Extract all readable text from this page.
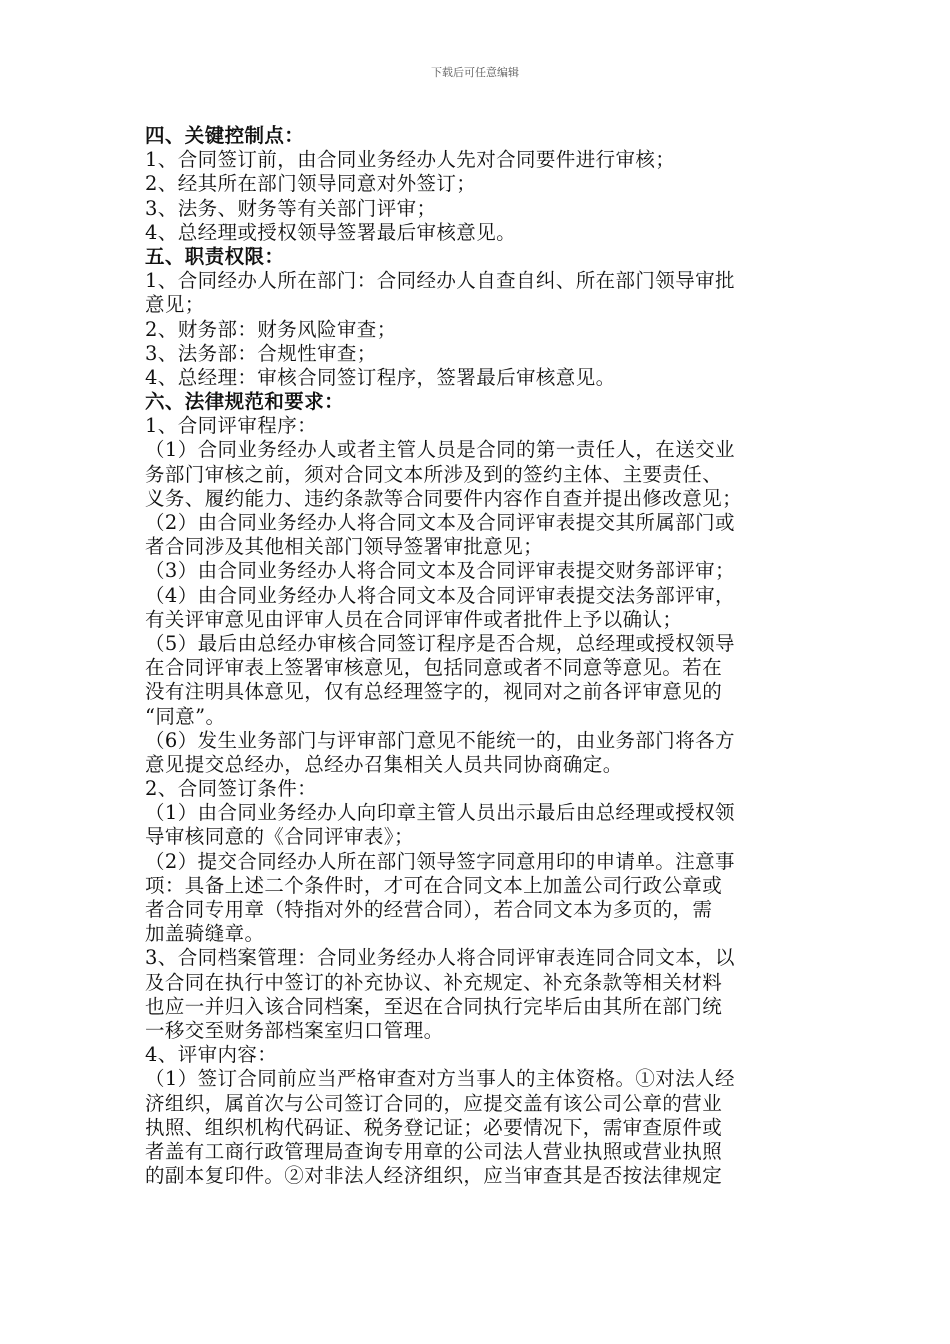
下载后可任意编辑
四、关键控制点：
1、合同签订前，由合同业务经办人先对合同要件进行审核；
2、经其所在部门领导同意对外签订；
3、法务、财务等有关部门评审；
4、总经理或授权领导签署最后审核意见。
五、职责权限：
1、合同经办人所在部门：合同经办人自查自纠、所在部门领导审批
意见；
2、财务部：财务风险审查；
3、法务部：合规性审查；
4、总经理：审核合同签订程序，签署最后审核意见。
六、法律规范和要求：
1、合同评审程序：
（1）合同业务经办人或者主管人员是合同的第一责任人，在送交业
务部门审核之前，须对合同文本所涉及到的签约主体、主要责任、
义务、履约能力、违约条款等合同要件内容作自查并提出修改意见；
（2）由合同业务经办人将合同文本及合同评审表提交其所属部门或
者合同涉及其他相关部门领导签署审批意见；
（3）由合同业务经办人将合同文本及合同评审表提交财务部评审；
（4）由合同业务经办人将合同文本及合同评审表提交法务部评审，
有关评审意见由评审人员在合同评审件或者批件上予以确认；
（5）最后由总经办审核合同签订程序是否合规，总经理或授权领导
在合同评审表上签署审核意见，包括同意或者不同意等意见。若在
没有注明具体意见，仅有总经理签字的，视同对之前各评审意见的
“同意”。
（6）发生业务部门与评审部门意见不能统一的，由业务部门将各方
意见提交总经办，总经办召集相关人员共同协商确定。
2、合同签订条件：
（1）由合同业务经办人向印章主管人员出示最后由总经理或授权领
导审核同意的《合同评审表》；
（2）提交合同经办人所在部门领导签字同意用印的申请单。注意事
项：具备上述二个条件时，才可在合同文本上加盖公司行政公章或
者合同专用章（特指对外的经营合同），若合同文本为多页的，需
加盖骑缝章。
3、合同档案管理：合同业务经办人将合同评审表连同合同文本，以
及合同在执行中签订的补充协议、补充规定、补充条款等相关材料
也应一并归入该合同档案，至迟在合同执行完毕后由其所在部门统
一移交至财务部档案室归口管理。
4、评审内容：
（1）签订合同前应当严格审查对方当事人的主体资格。①对法人经
济组织，属首次与公司签订合同的，应提交盖有该公司公章的营业
执照、组织机构代码证、税务登记证；必要情况下，需审查原件或
者盖有工商行政管理局查询专用章的公司法人营业执照或营业执照
的副本复印件。②对非法人经济组织，应当审查其是否按法律规定
